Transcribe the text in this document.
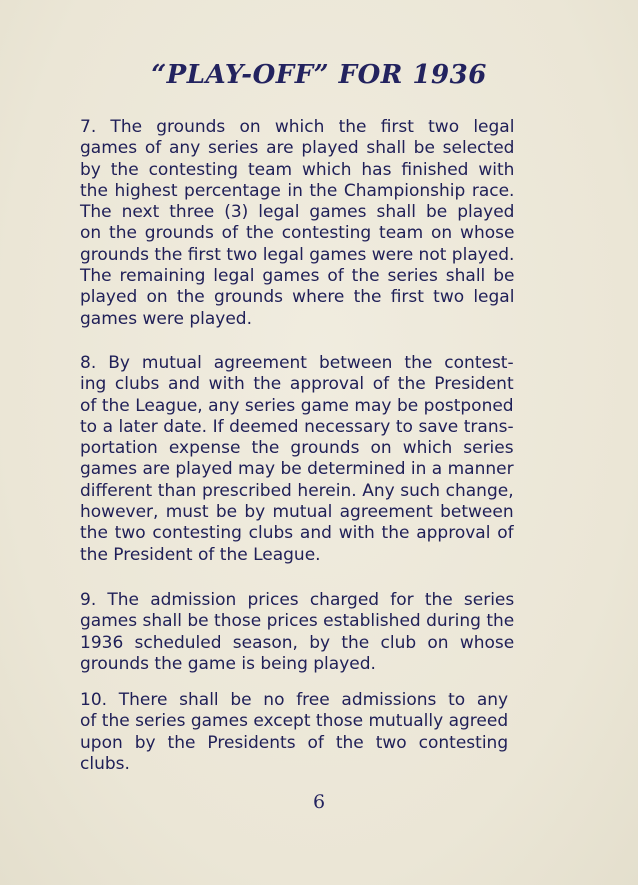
“PLAY-OFF” FOR 1936
7. The grounds on which the first two legal
games of any series are played shall be selected
by the contesting team which has finished with
the highest percentage in the Championship race.
The next three (3) legal games shall be played
on the grounds of the contesting team on whose
grounds the first two legal games were not played.
The remaining legal games of the series shall be
played on the grounds where the first two legal
games were played.
8. By mutual agreement between the contest-
ing clubs and with the approval of the President
of the League, any series game may be postponed
to a later date. If deemed necessary to save trans-
portation expense the grounds on which series
games are played may be determined in a manner
different than prescribed herein. Any such change,
however, must be by mutual agreement between
the two contesting clubs and with the approval of
the President of the League.
9. The admission prices charged for the series
games shall be those prices established during the
1936 scheduled season, by the club on whose
grounds the game is being played.
10. There shall be no free admissions to any
of the series games except those mutually agreed
upon by the Presidents of the two contesting
clubs.
6
